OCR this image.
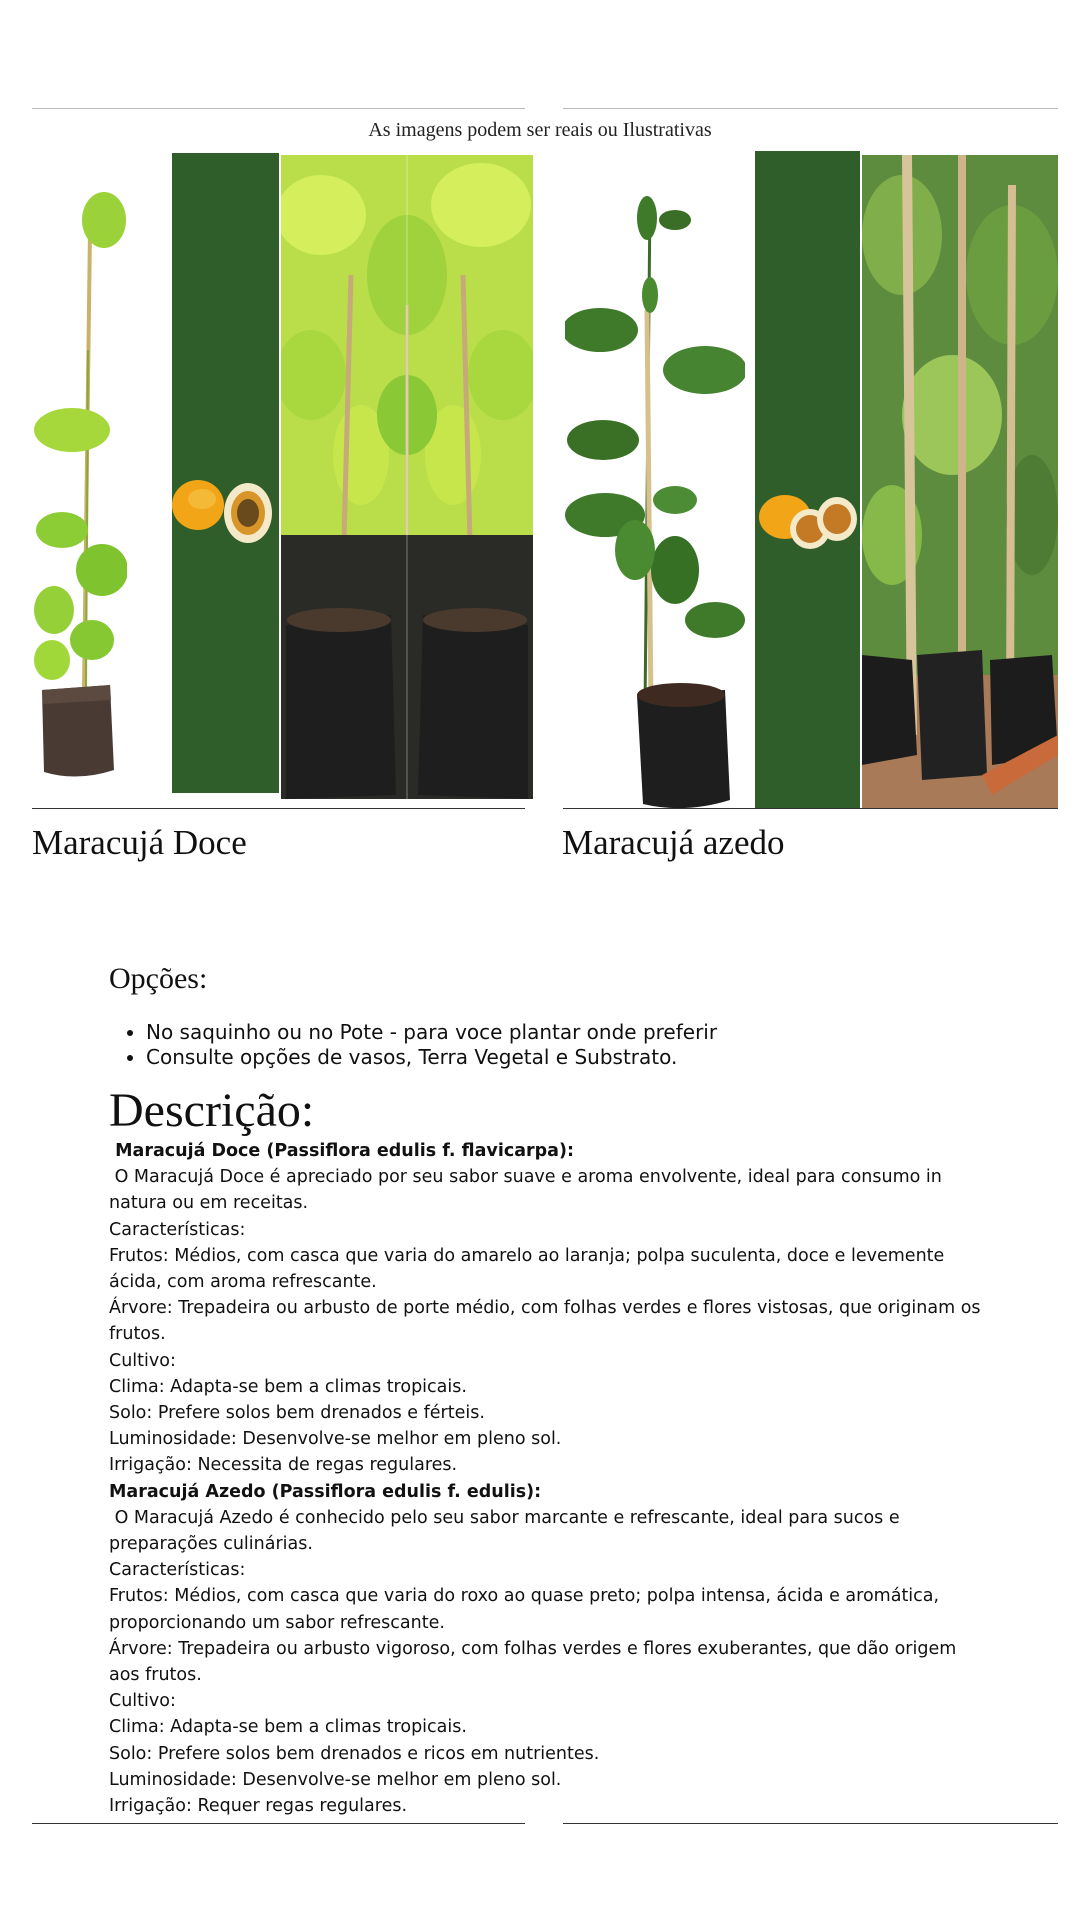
As imagens podem ser reais ou Ilustrativas
Maracujá Doce	Maracujá azedo
Opções:
• No saquinho ou no Pote - para voce plantar onde preferir
• Consulte opções de vasos, Terra Vegetal e Substrato.
Descrição:
Maracujá Doce (Passiflora edulis f. flavicarpa):
O Maracujá Doce é apreciado por seu sabor suave e aroma envolvente, ideal para consumo in
natura ou em receitas.
Características:
Frutos: Médios, com casca que varia do amarelo ao laranja; polpa suculenta, doce e levemente
ácida, com aroma refrescante.
Árvore: Trepadeira ou arbusto de porte médio, com folhas verdes e flores vistosas, que originam os
frutos.
Cultivo:
Clima: Adapta-se bem a climas tropicais.
Solo: Prefere solos bem drenados e férteis.
Luminosidade: Desenvolve-se melhor em pleno sol.
Irrigação: Necessita de regas regulares.
Maracujá Azedo (Passiflora edulis f. edulis):
O Maracujá Azedo é conhecido pelo seu sabor marcante e refrescante, ideal para sucos e
preparações culinárias.
Características:
Frutos: Médios, com casca que varia do roxo ao quase preto; polpa intensa, ácida e aromática,
proporcionando um sabor refrescante.
Árvore: Trepadeira ou arbusto vigoroso, com folhas verdes e flores exuberantes, que dão origem
aos frutos.
Cultivo:
Clima: Adapta-se bem a climas tropicais.
Solo: Prefere solos bem drenados e ricos em nutrientes.
Luminosidade: Desenvolve-se melhor em pleno sol.
Irrigação: Requer regas regulares.
